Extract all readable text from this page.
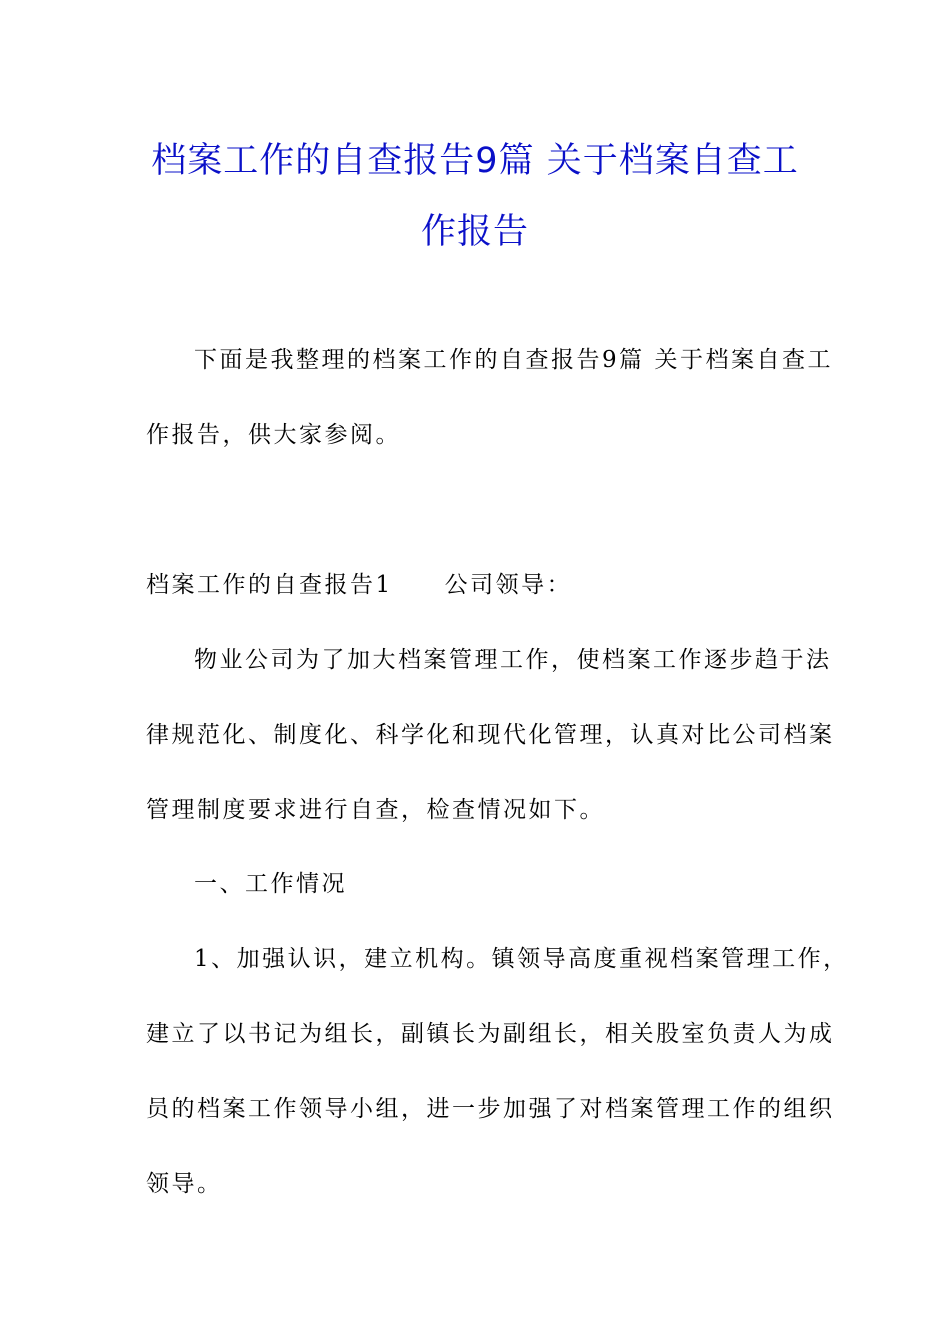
档案工作的自查报告9篇 关于档案自查工
作报告
下面是我整理的档案工作的自查报告9篇 关于档案自查工
作报告，供大家参阅。
档案工作的自查报告1 公司领导：
物业公司为了加大档案管理工作，使档案工作逐步趋于法
律规范化、制度化、科学化和现代化管理，认真对比公司档案
管理制度要求进行自查，检查情况如下。
一、工作情况
1、加强认识，建立机构。镇领导高度重视档案管理工作，
建立了以书记为组长，副镇长为副组长，相关股室负责人为成
员的档案工作领导小组，进一步加强了对档案管理工作的组织
领导。
